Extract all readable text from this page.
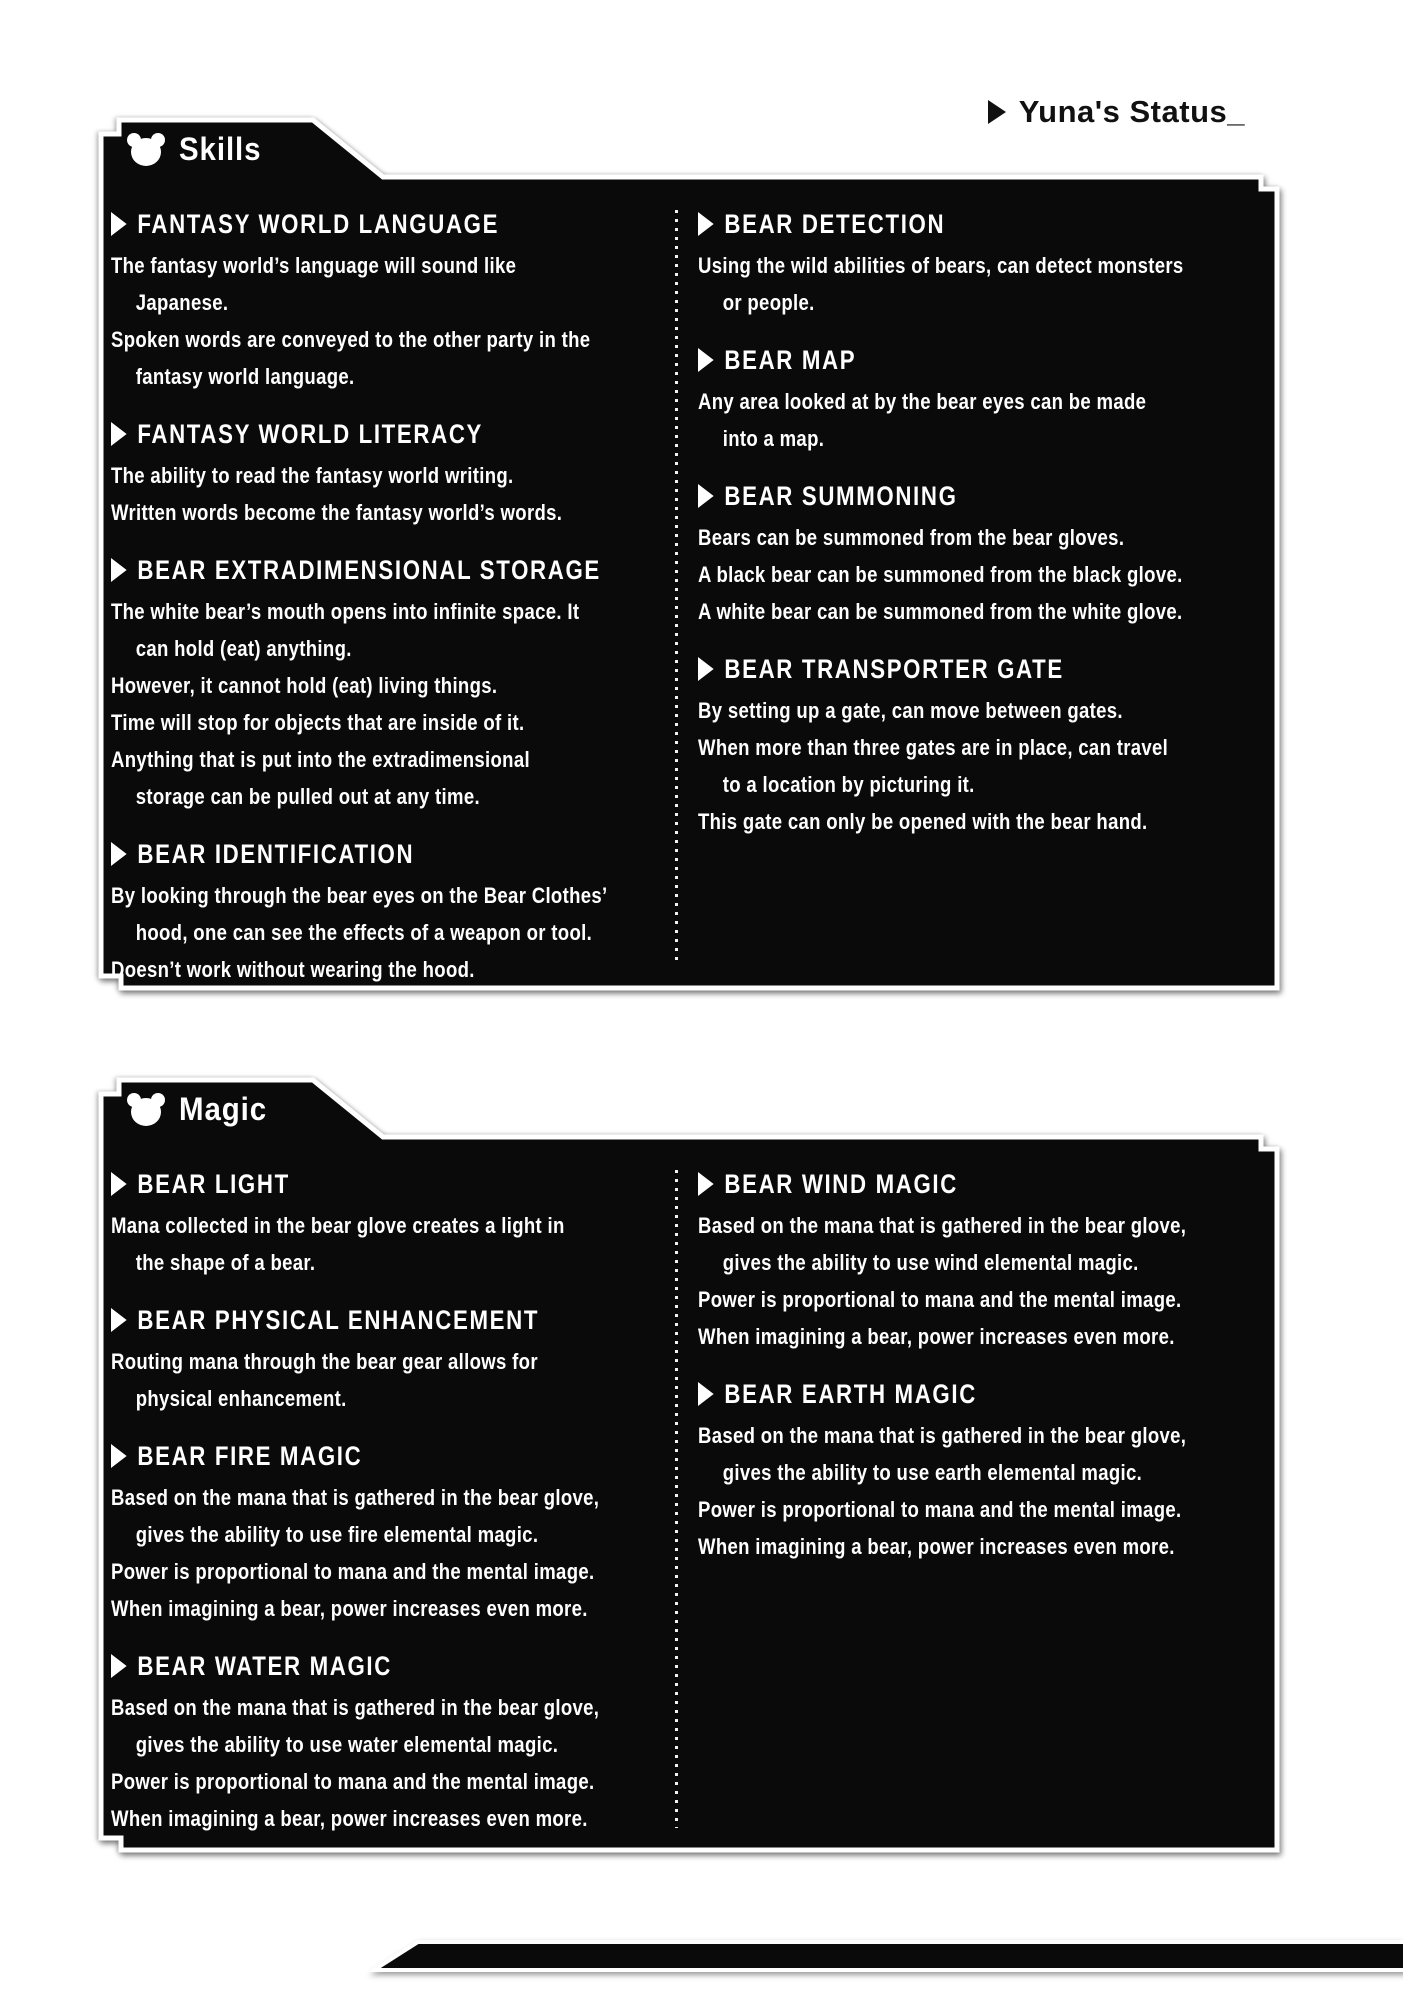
Yuna's Status_
Skills
FANTASY WORLD LANGUAGE
The fantasy world’s language will sound like
Japanese.
Spoken words are conveyed to the other party in the
fantasy world language.
FANTASY WORLD LITERACY
The ability to read the fantasy world writing.
Written words become the fantasy world’s words.
BEAR EXTRADIMENSIONAL STORAGE
The white bear’s mouth opens into infinite space. It
can hold (eat) anything.
However, it cannot hold (eat) living things.
Time will stop for objects that are inside of it.
Anything that is put into the extradimensional
storage can be pulled out at any time.
BEAR IDENTIFICATION
By looking through the bear eyes on the Bear Clothes’
hood, one can see the effects of a weapon or tool.
Doesn’t work without wearing the hood.
BEAR DETECTION
Using the wild abilities of bears, can detect monsters
or people.
BEAR MAP
Any area looked at by the bear eyes can be made
into a map.
BEAR SUMMONING
Bears can be summoned from the bear gloves.
A black bear can be summoned from the black glove.
A white bear can be summoned from the white glove.
BEAR TRANSPORTER GATE
By setting up a gate, can move between gates.
When more than three gates are in place, can travel
to a location by picturing it.
This gate can only be opened with the bear hand.
Magic
BEAR LIGHT
Mana collected in the bear glove creates a light in
the shape of a bear.
BEAR PHYSICAL ENHANCEMENT
Routing mana through the bear gear allows for
physical enhancement.
BEAR FIRE MAGIC
Based on the mana that is gathered in the bear glove,
gives the ability to use fire elemental magic.
Power is proportional to mana and the mental image.
When imagining a bear, power increases even more.
BEAR WATER MAGIC
Based on the mana that is gathered in the bear glove,
gives the ability to use water elemental magic.
Power is proportional to mana and the mental image.
When imagining a bear, power increases even more.
BEAR WIND MAGIC
Based on the mana that is gathered in the bear glove,
gives the ability to use wind elemental magic.
Power is proportional to mana and the mental image.
When imagining a bear, power increases even more.
BEAR EARTH MAGIC
Based on the mana that is gathered in the bear glove,
gives the ability to use earth elemental magic.
Power is proportional to mana and the mental image.
When imagining a bear, power increases even more.
